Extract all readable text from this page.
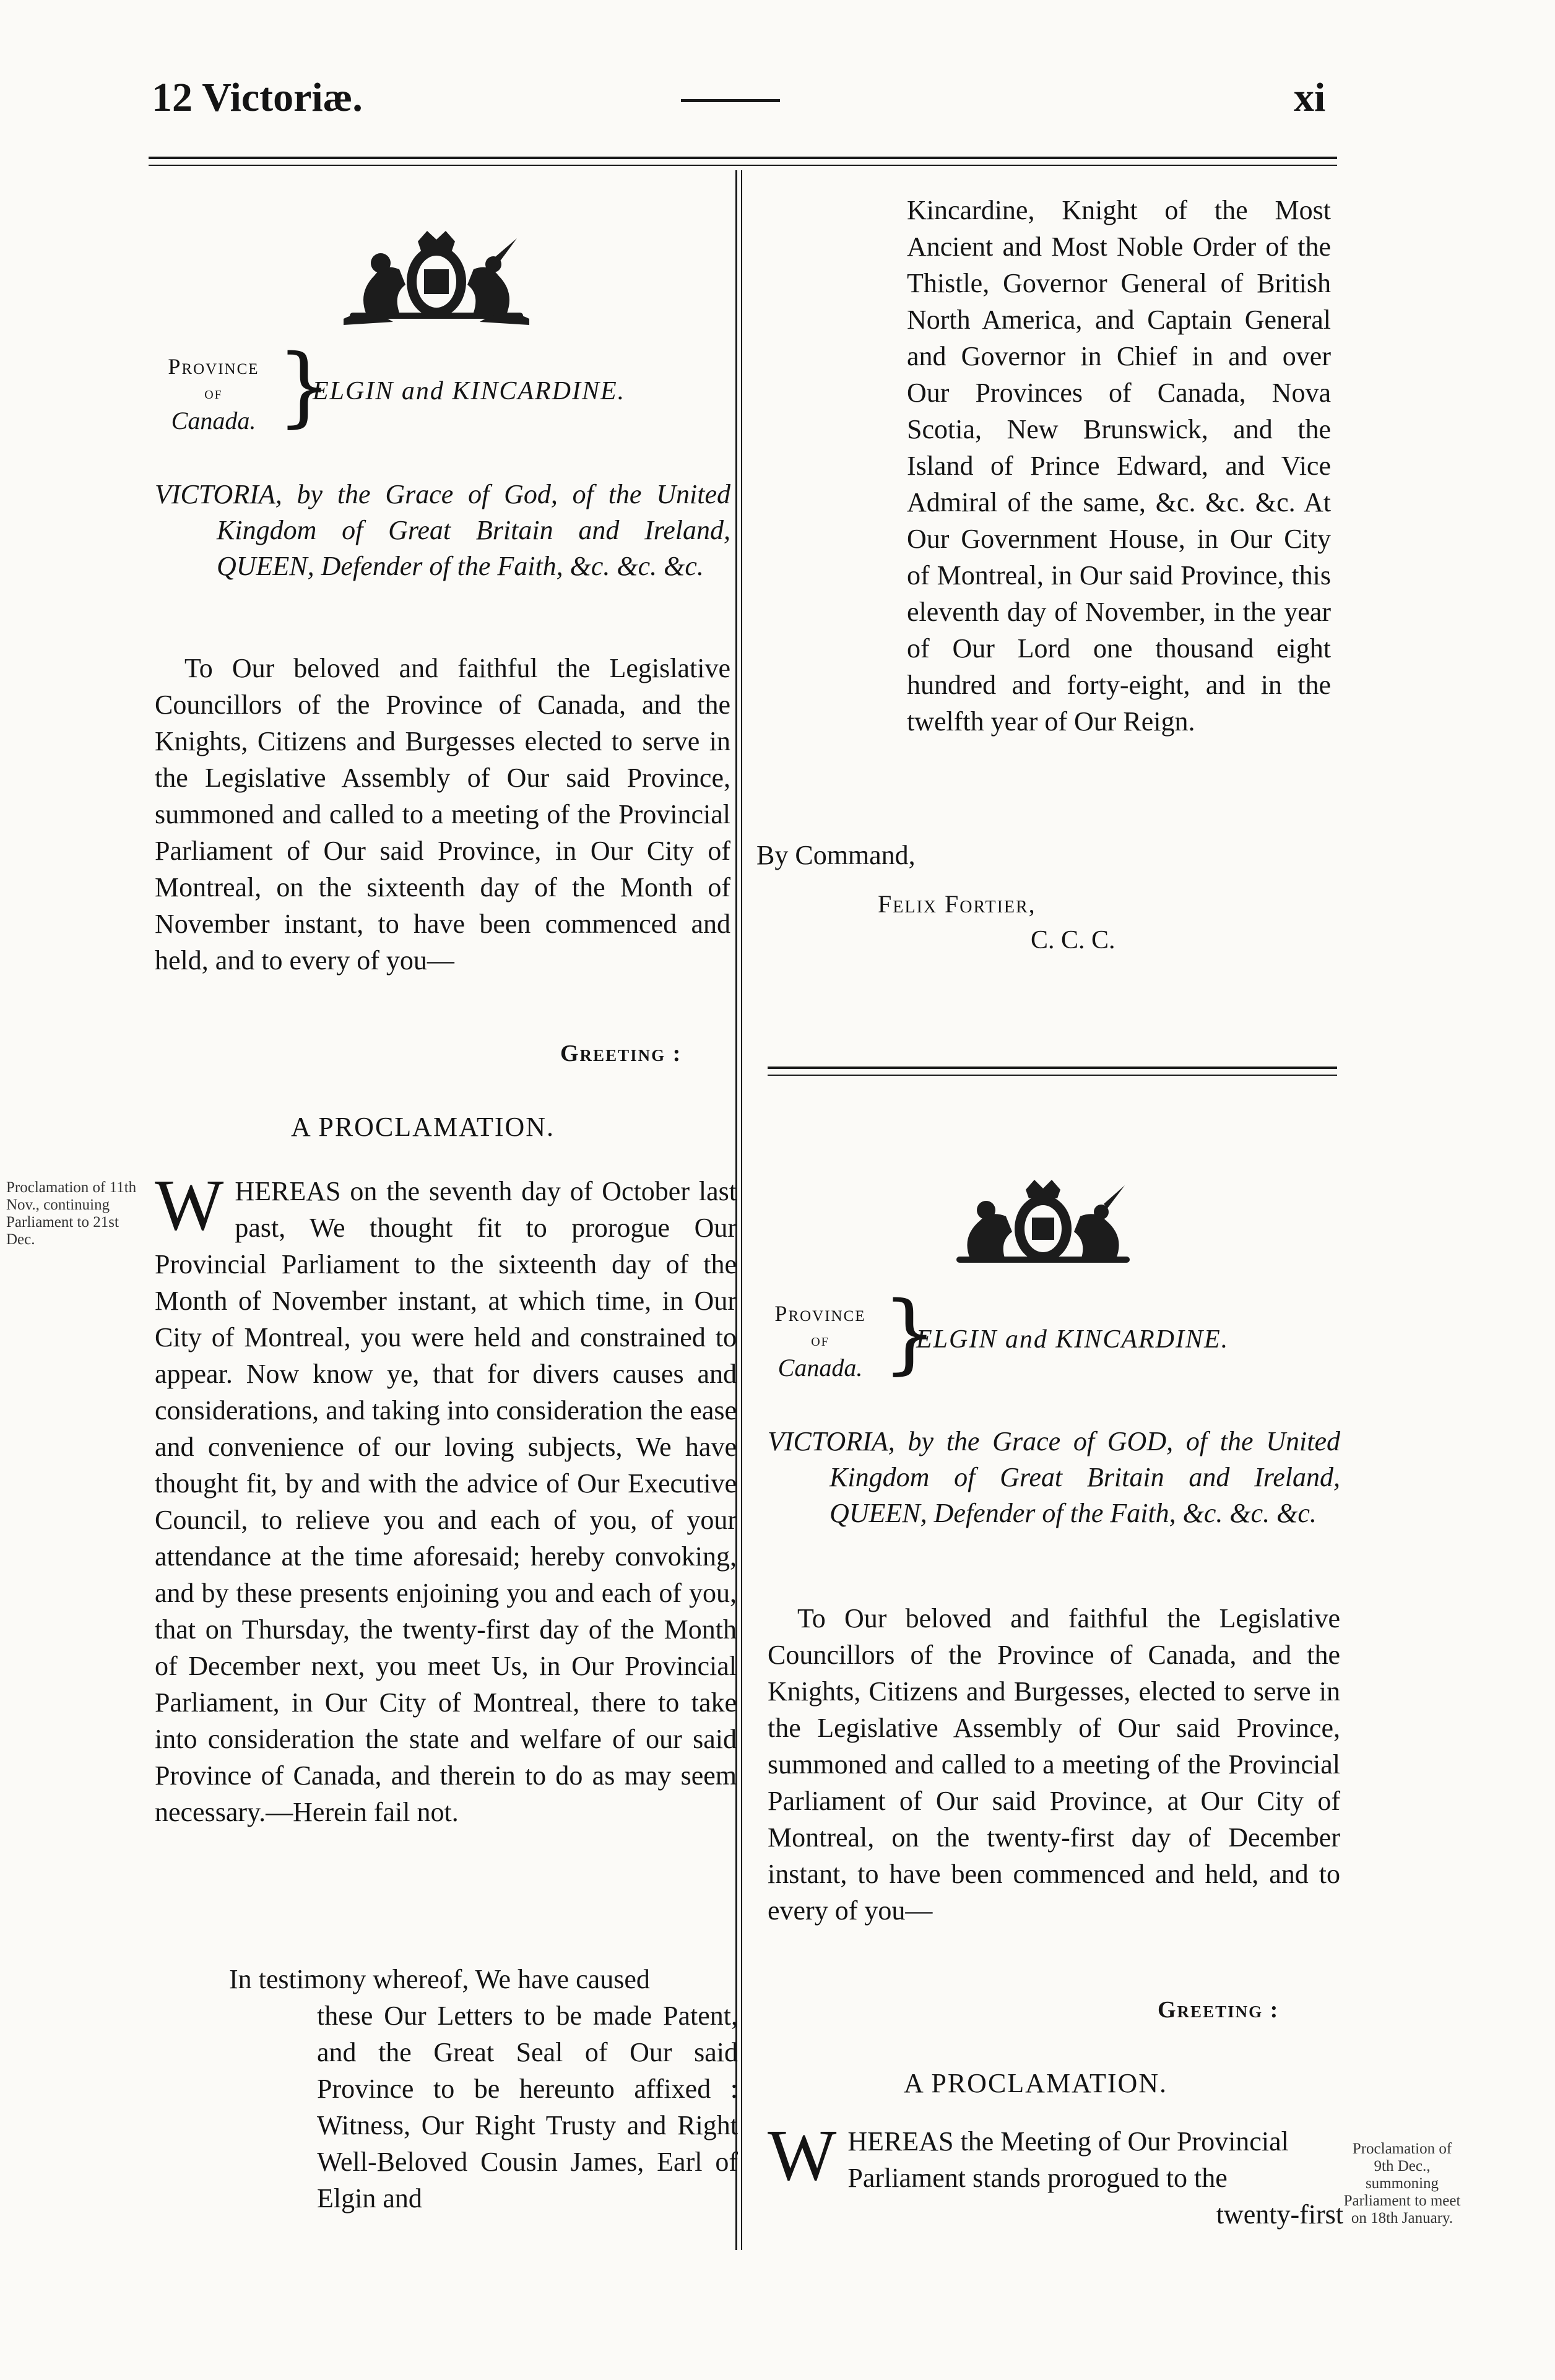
12 Victoriæ.	xi
Province
of
Canada. }
ELGIN and KINCARDINE.
VICTORIA, by the Grace of God, of the United Kingdom of Great Britain and Ireland, QUEEN, Defender of the Faith, &c. &c. &c.
To Our beloved and faithful the Legislative Councillors of the Province of Canada, and the Knights, Citizens and Burgesses elected to serve in the Legislative Assembly of Our said Province, summoned and called to a meeting of the Provincial Parliament of Our said Province, in Our City of Montreal, on the sixteenth day of the Month of November instant, to have been commenced and held, and to every of you—
Greeting :
A PROCLAMATION.
Proclamation of 11th Nov., continuing Parliament to 21st Dec.	WHEREAS on the seventh day of October last past, We thought fit to prorogue Our Provincial Parliament to the sixteenth day of the Month of November instant, at which time, in Our City of Montreal, you were held and constrained to appear. Now know ye, that for divers causes and considerations, and taking into consideration the ease and convenience of our loving subjects, We have thought fit, by and with the advice of Our Executive Council, to relieve you and each of you, of your attendance at the time aforesaid; hereby convoking, and by these presents enjoining you and each of you, that on Thursday, the twenty-first day of the Month of December next, you meet Us, in Our Provincial Parliament, in Our City of Montreal, there to take into consideration the state and welfare of our said Province of Canada, and therein to do as may seem necessary.—Herein fail not.
In testimony whereof, We have caused
these Our Letters to be made Patent, and the Great Seal of Our said Province to be hereunto affixed : Witness, Our Right Trusty and Right Well-Beloved Cousin James, Earl of Elgin and
Kincardine, Knight of the Most Ancient and Most Noble Order of the Thistle, Governor General of British North America, and Captain General and Governor in Chief in and over Our Provinces of Canada, Nova Scotia, New Brunswick, and the Island of Prince Edward, and Vice Admiral of the same, &c. &c. &c. At Our Government House, in Our City of Montreal, in Our said Province, this eleventh day of November, in the year of Our Lord one thousand eight hundred and forty-eight, and in the twelfth year of Our Reign.
By Command,
Felix Fortier,
C. C. C.
Province
of
Canada. }
ELGIN and KINCARDINE.
VICTORIA, by the Grace of GOD, of the United Kingdom of Great Britain and Ireland, QUEEN, Defender of the Faith, &c. &c. &c.
To Our beloved and faithful the Legislative Councillors of the Province of Canada, and the Knights, Citizens and Burgesses, elected to serve in the Legislative Assembly of Our said Province, summoned and called to a meeting of the Provincial Parliament of Our said Province, at Our City of Montreal, on the twenty-first day of December instant, to have been commenced and held, and to every of you—
Greeting :
A PROCLAMATION.
W HEREAS the Meeting of Our Provincial
Parliament stands prorogued to the
twenty-first
Proclamation of 9th Dec., summoning Parliament to meet on 18th January.
